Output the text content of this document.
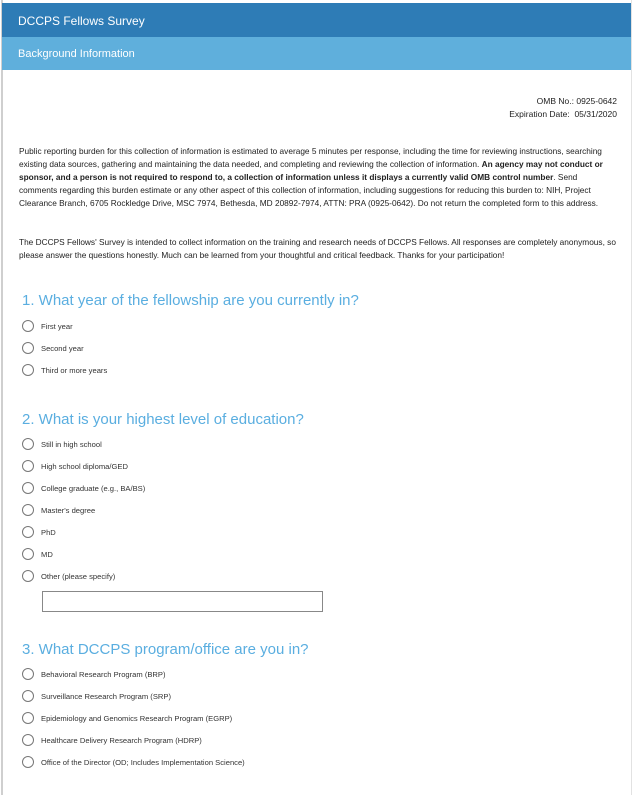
DCCPS Fellows Survey
Background Information
OMB No.: 0925-0642
Expiration Date:  05/31/2020
Public reporting burden for this collection of information is estimated to average 5 minutes per response, including the time for reviewing instructions, searching existing data sources, gathering and maintaining the data needed, and completing and reviewing the collection of information. An agency may not conduct or sponsor, and a person is not required to respond to, a collection of information unless it displays a currently valid OMB control number. Send comments regarding this burden estimate or any other aspect of this collection of information, including suggestions for reducing this burden to: NIH, Project Clearance Branch, 6705 Rockledge Drive, MSC 7974, Bethesda, MD 20892-7974, ATTN: PRA (0925-0642). Do not return the completed form to this address.
The DCCPS Fellows' Survey is intended to collect information on the training and research needs of DCCPS Fellows. All responses are completely anonymous, so please answer the questions honestly. Much can be learned from your thoughtful and critical feedback. Thanks for your participation!
1. What year of the fellowship are you currently in?
First year
Second year
Third or more years
2. What is your highest level of education?
Still in high school
High school diploma/GED
College graduate (e.g., BA/BS)
Master's degree
PhD
MD
Other (please specify)
3. What DCCPS program/office are you in?
Behavioral Research Program (BRP)
Surveillance Research Program (SRP)
Epidemiology and Genomics Research Program (EGRP)
Healthcare Delivery Research Program (HDRP)
Office of the Director (OD; Includes Implementation Science)
